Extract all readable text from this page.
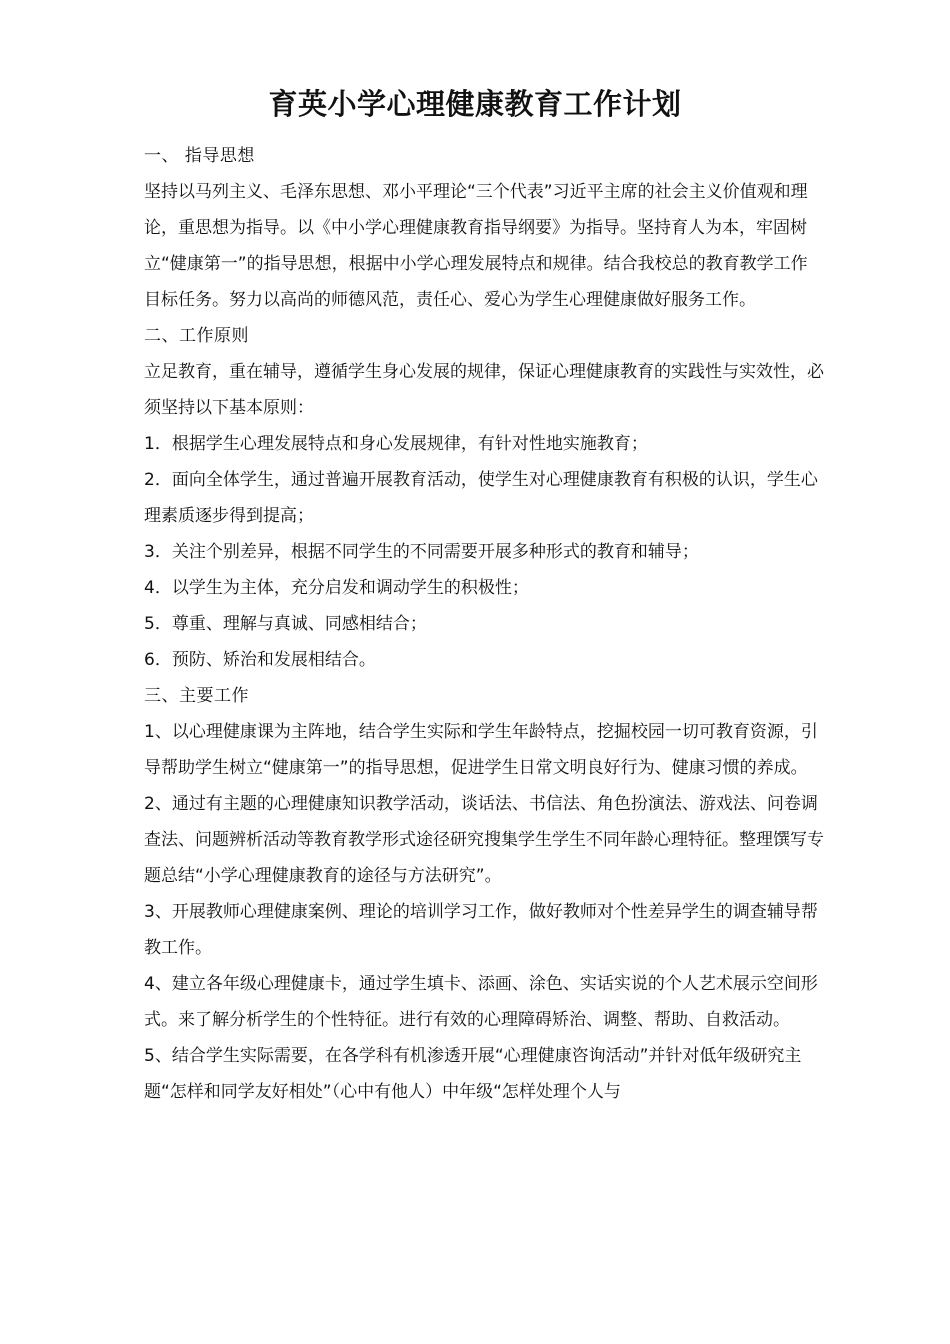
育英小学心理健康教育工作计划

一、 指导思想

坚持以马列主义、毛泽东思想、邓小平理论“三个代表”习近平主席的社会主义价值观和理论，重思想为指导。以《中小学心理健康教育指导纲要》为指导。坚持育人为本，牢固树立“健康第一”的指导思想，根据中小学心理发展特点和规律。结合我校总的教育教学工作目标任务。努力以高尚的师德风范，责任心、爱心为学生心理健康做好服务工作。

二、工作原则

立足教育，重在辅导，遵循学生身心发展的规律，保证心理健康教育的实践性与实效性，必须坚持以下基本原则：

1．根据学生心理发展特点和身心发展规律，有针对性地实施教育；

2．面向全体学生，通过普遍开展教育活动，使学生对心理健康教育有积极的认识，学生心理素质逐步得到提高；

3．关注个别差异，根据不同学生的不同需要开展多种形式的教育和辅导；

4．以学生为主体，充分启发和调动学生的积极性；

5．尊重、理解与真诚、同感相结合；

6．预防、矫治和发展相结合。

三、主要工作

1、以心理健康课为主阵地，结合学生实际和学生年龄特点，挖掘校园一切可教育资源，引导帮助学生树立“健康第一”的指导思想，促进学生日常文明良好行为、健康习惯的养成。

2、通过有主题的心理健康知识教学活动，谈话法、书信法、角色扮演法、游戏法、问卷调查法、问题辨析活动等教育教学形式途径研究搜集学生学生不同年龄心理特征。整理馔写专题总结“小学心理健康教育的途径与方法研究”。

3、开展教师心理健康案例、理论的培训学习工作，做好教师对个性差异学生的调查辅导帮教工作。

4、建立各年级心理健康卡，通过学生填卡、添画、涂色、实话实说的个人艺术展示空间形式。来了解分析学生的个性特征。进行有效的心理障碍矫治、调整、帮助、自救活动。

5、结合学生实际需要，在各学科有机渗透开展“心理健康咨询活动”并针对低年级研究主题“怎样和同学友好相处”（心中有他人）中年级“怎样处理个人与
